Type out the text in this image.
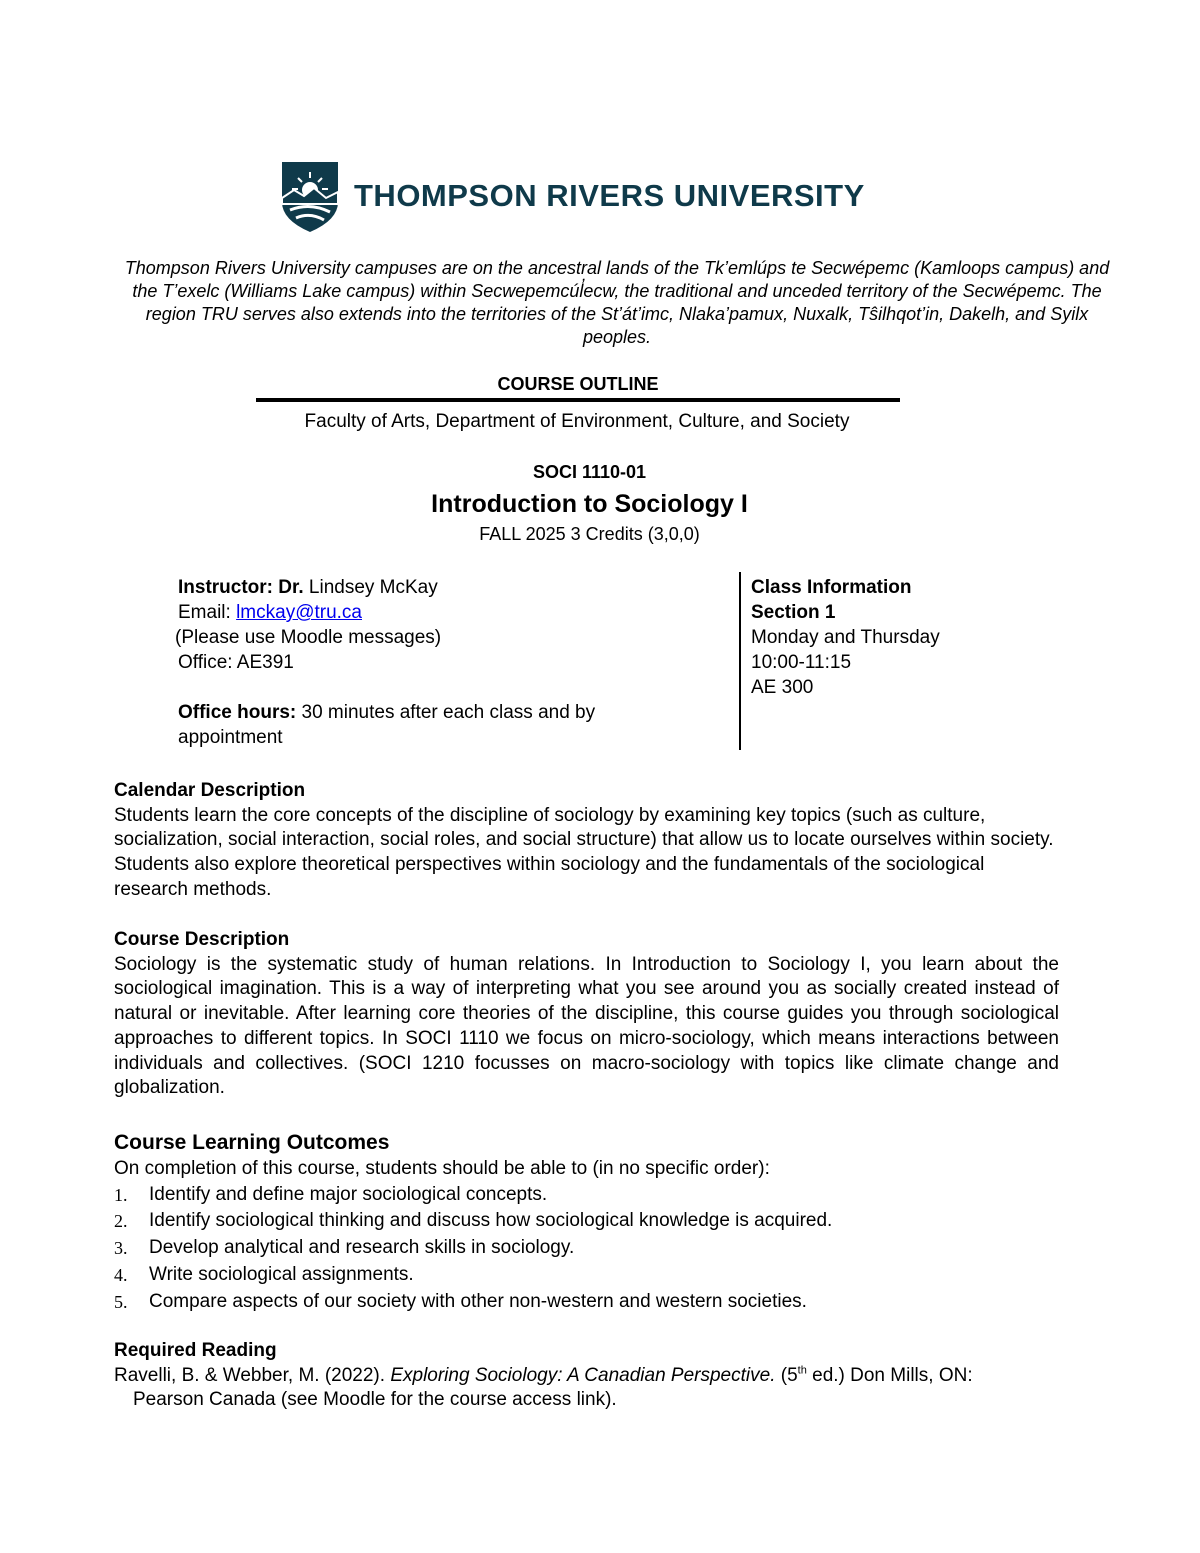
THOMPSON RIVERS UNIVERSITY
Thompson Rivers University campuses are on the ancestral lands of the Tk’emlúps te Secwépemc (Kamloops campus) and the T’exelc (Williams Lake campus) within Secwepemcúl̓ecw, the traditional and unceded territory of the Secwépemc. The region TRU serves also extends into the territories of the St’át’imc, Nlaka’pamux, Nuxalk, Tŝilhqot’in, Dakelh, and Syilx peoples.
COURSE OUTLINE
Faculty of Arts, Department of Environment, Culture, and Society
SOCI 1110-01
Introduction to Sociology I
FALL 2025 3 Credits (3,0,0)
Instructor: Dr. Lindsey McKay
Email: lmckay@tru.ca
(Please use Moodle messages)
Office: AE391
Office hours: 30 minutes after each class and by appointment
Class Information
Section 1
Monday and Thursday
10:00-11:15
AE 300
Calendar Description
Students learn the core concepts of the discipline of sociology by examining key topics (such as culture, socialization, social interaction, social roles, and social structure) that allow us to locate ourselves within society. Students also explore theoretical perspectives within sociology and the fundamentals of the sociological research methods.
Course Description
Sociology is the systematic study of human relations. In Introduction to Sociology I, you learn about the sociological imagination. This is a way of interpreting what you see around you as socially created instead of natural or inevitable. After learning core theories of the discipline, this course guides you through sociological approaches to different topics. In SOCI 1110 we focus on micro-sociology, which means interactions between individuals and collectives. (SOCI 1210 focusses on macro-sociology with topics like climate change and globalization.
Course Learning Outcomes
On completion of this course, students should be able to (in no specific order):
1. Identify and define major sociological concepts.
2. Identify sociological thinking and discuss how sociological knowledge is acquired.
3. Develop analytical and research skills in sociology.
4. Write sociological assignments.
5. Compare aspects of our society with other non-western and western societies.
Required Reading
Ravelli, B. & Webber, M. (2022). Exploring Sociology: A Canadian Perspective. (5th ed.) Don Mills, ON: Pearson Canada (see Moodle for the course access link).
